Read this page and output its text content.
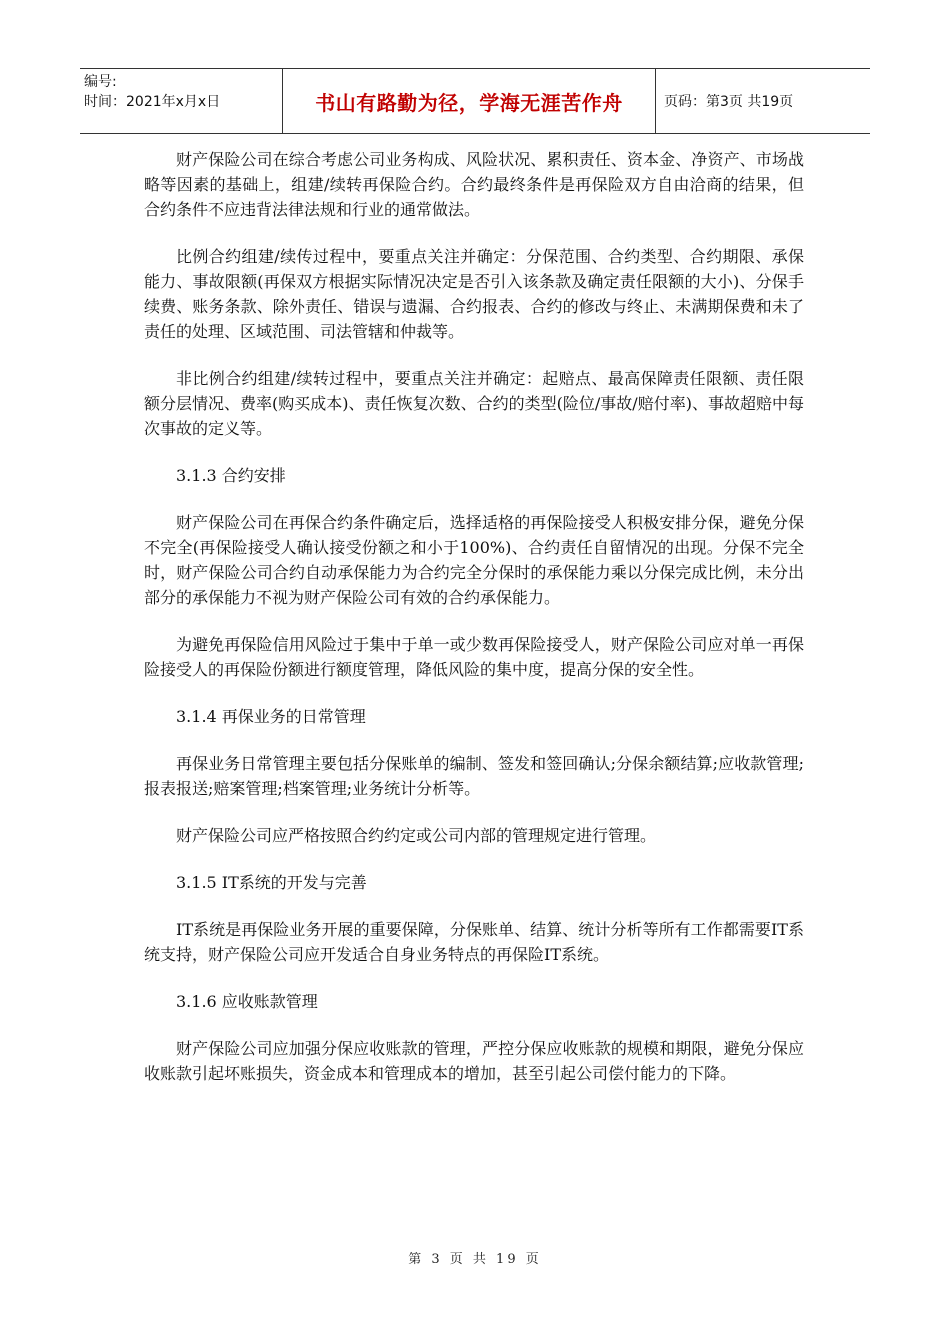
编号:
时间：2021年x月x日	书山有路勤为径，学海无涯苦作舟	页码：第3页 共19页

财产保险公司在综合考虑公司业务构成、风险状况、累积责任、资本金、净资产、市场战略等因素的基础上，组建/续转再保险合约。合约最终条件是再保险双方自由洽商的结果，但合约条件不应违背法律法规和行业的通常做法。

比例合约组建/续传过程中，要重点关注并确定：分保范围、合约类型、合约期限、承保能力、事故限额(再保双方根据实际情况决定是否引入该条款及确定责任限额的大小)、分保手续费、账务条款、除外责任、错误与遗漏、合约报表、合约的修改与终止、未满期保费和未了责任的处理、区域范围、司法管辖和仲裁等。

非比例合约组建/续转过程中，要重点关注并确定：起赔点、最高保障责任限额、责任限额分层情况、费率(购买成本)、责任恢复次数、合约的类型(险位/事故/赔付率)、事故超赔中每次事故的定义等。

3.1.3 合约安排

财产保险公司在再保合约条件确定后，选择适格的再保险接受人积极安排分保，避免分保不完全(再保险接受人确认接受份额之和小于100%)、合约责任自留情况的出现。分保不完全时，财产保险公司合约自动承保能力为合约完全分保时的承保能力乘以分保完成比例，未分出部分的承保能力不视为财产保险公司有效的合约承保能力。

为避免再保险信用风险过于集中于单一或少数再保险接受人，财产保险公司应对单一再保险接受人的再保险份额进行额度管理，降低风险的集中度，提高分保的安全性。

3.1.4 再保业务的日常管理

再保业务日常管理主要包括分保账单的编制、签发和签回确认;分保余额结算;应收款管理;报表报送;赔案管理;档案管理;业务统计分析等。

财产保险公司应严格按照合约约定或公司内部的管理规定进行管理。

3.1.5 IT系统的开发与完善

IT系统是再保险业务开展的重要保障，分保账单、结算、统计分析等所有工作都需要IT系统支持，财产保险公司应开发适合自身业务特点的再保险IT系统。

3.1.6 应收账款管理

财产保险公司应加强分保应收账款的管理，严控分保应收账款的规模和期限，避免分保应收账款引起坏账损失，资金成本和管理成本的增加，甚至引起公司偿付能力的下降。

第 3 页 共 19 页
